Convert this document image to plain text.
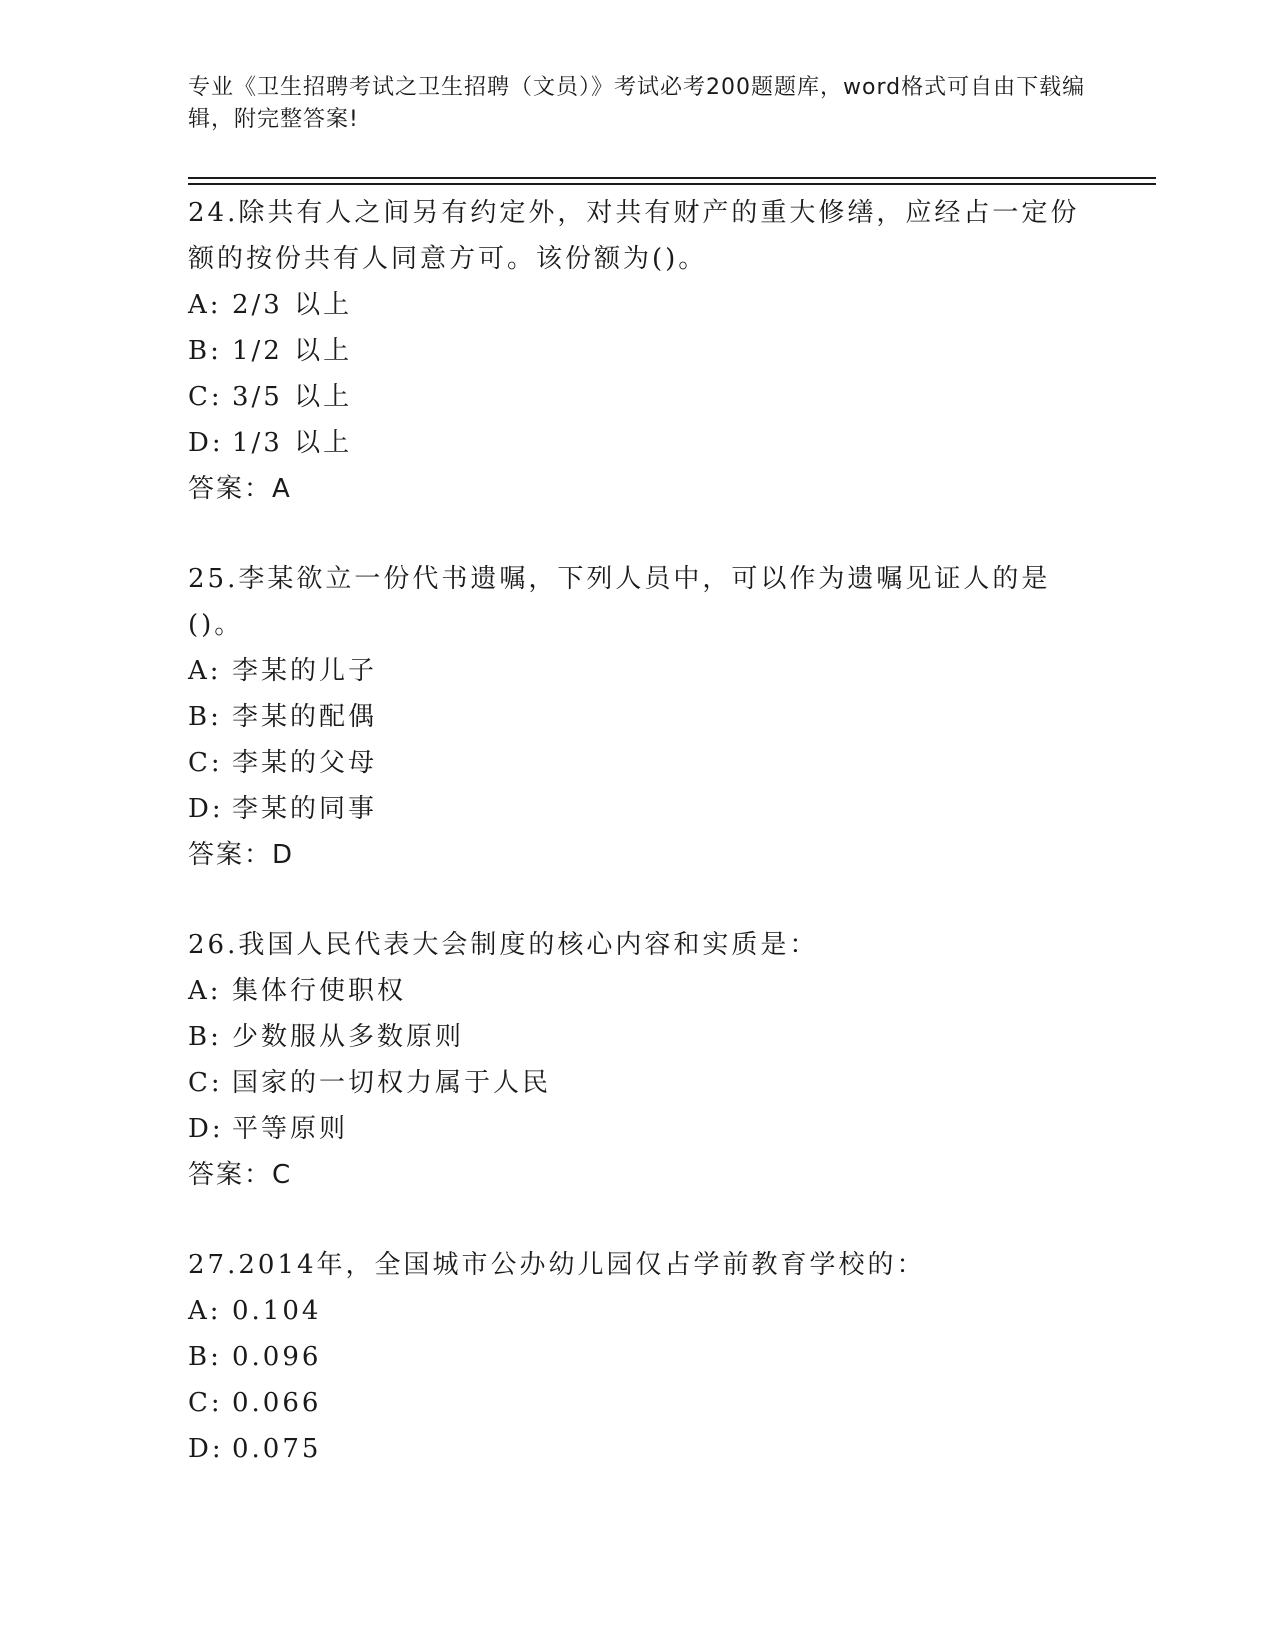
专业《卫生招聘考试之卫生招聘（文员）》考试必考200题题库，word格式可自由下载编辑，附完整答案!
24.除共有人之间另有约定外，对共有财产的重大修缮，应经占一定份额的按份共有人同意方可。该份额为()。
A: 2/3 以上
B: 1/2 以上
C: 3/5 以上
D: 1/3 以上
答案：A
25.李某欲立一份代书遗嘱，下列人员中，可以作为遗嘱见证人的是()。
A: 李某的儿子
B: 李某的配偶
C: 李某的父母
D: 李某的同事
答案：D
26.我国人民代表大会制度的核心内容和实质是：
A: 集体行使职权
B: 少数服从多数原则
C: 国家的一切权力属于人民
D: 平等原则
答案：C
27.2014年，全国城市公办幼儿园仅占学前教育学校的：
A: 0.104
B: 0.096
C: 0.066
D: 0.075
